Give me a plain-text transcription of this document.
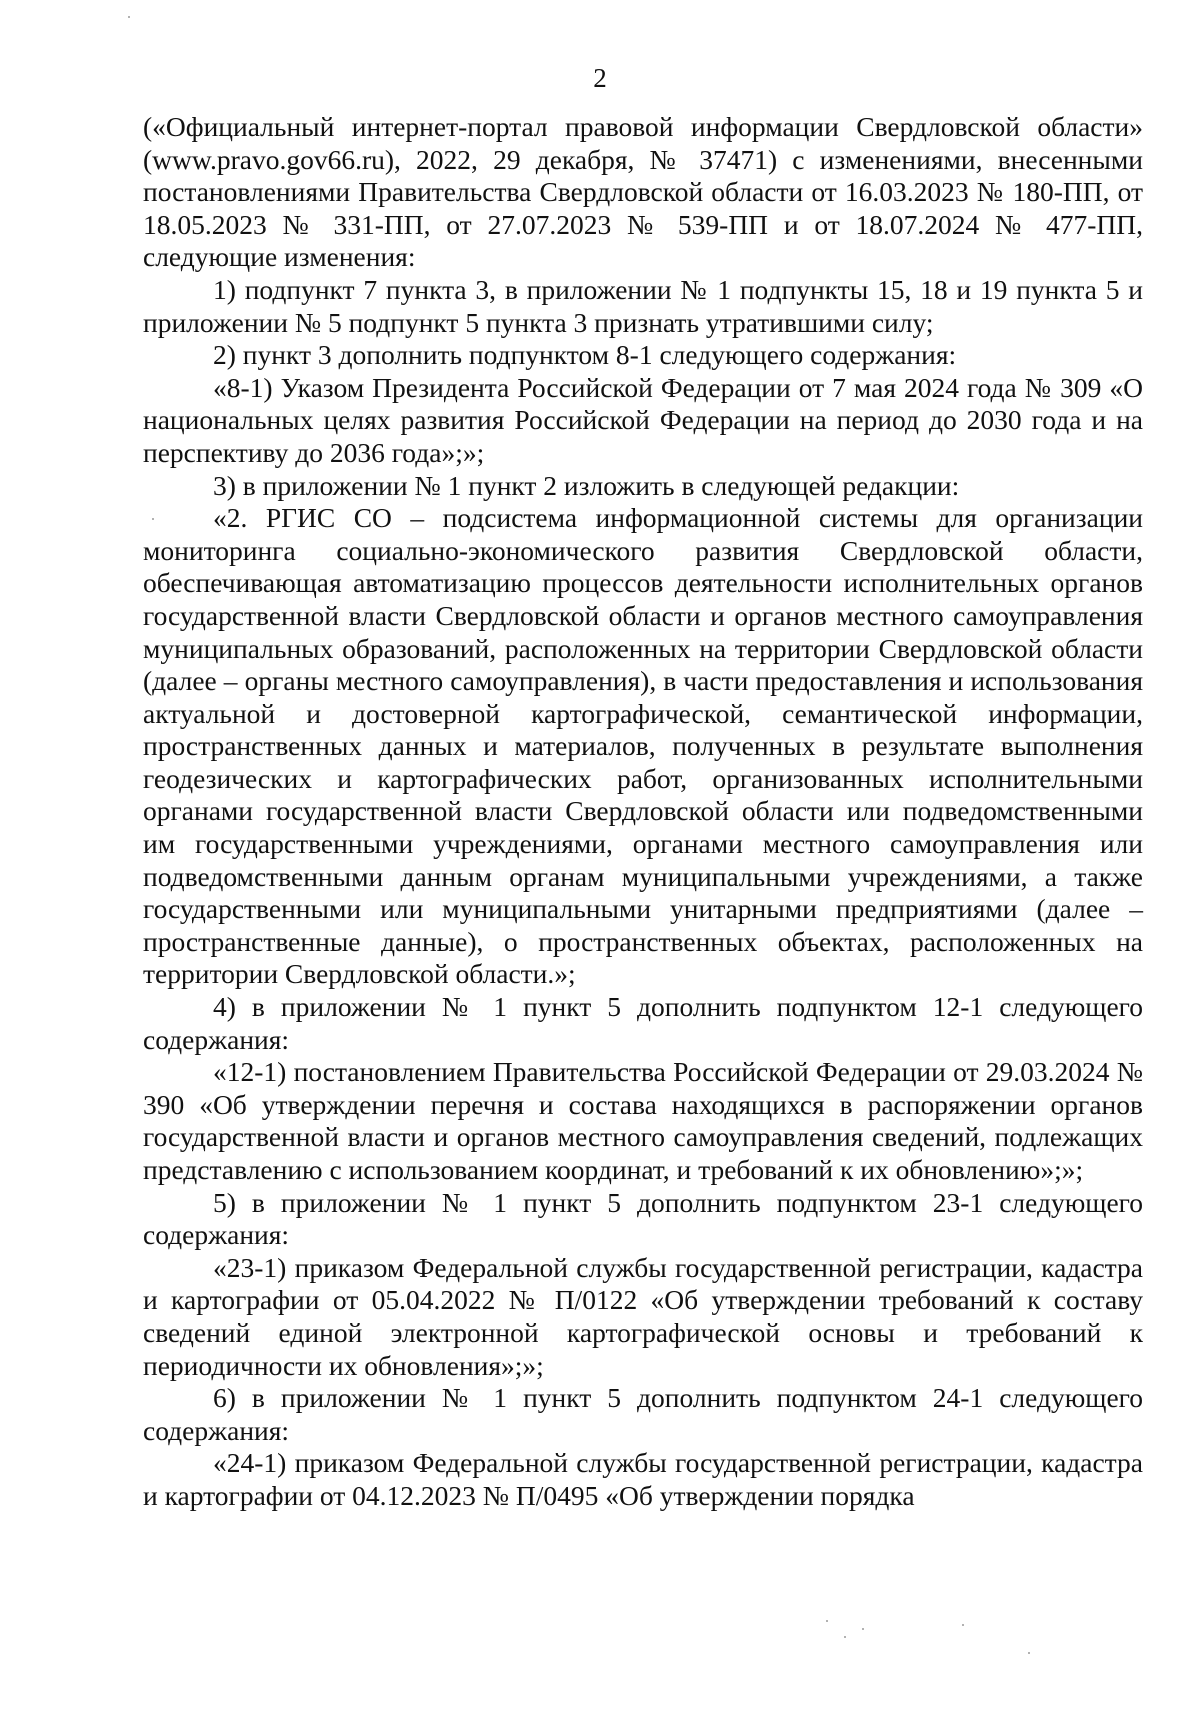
2

(«Официальный интернет-портал правовой информации Свердловской области» (www.pravo.gov66.ru), 2022, 29 декабря, № 37471) с изменениями, внесенными постановлениями Правительства Свердловской области от 16.03.2023 № 180-ПП, от 18.05.2023 № 331-ПП, от 27.07.2023 № 539-ПП и от 18.07.2024 № 477-ПП, следующие изменения:

1) подпункт 7 пункта 3, в приложении № 1 подпункты 15, 18 и 19 пункта 5 и приложении № 5 подпункт 5 пункта 3 признать утратившими силу;

2) пункт 3 дополнить подпунктом 8-1 следующего содержания:

«8-1) Указом Президента Российской Федерации от 7 мая 2024 года № 309 «О национальных целях развития Российской Федерации на период до 2030 года и на перспективу до 2036 года»;»;

3) в приложении № 1 пункт 2 изложить в следующей редакции:

«2. РГИС СО – подсистема информационной системы для организации мониторинга социально-экономического развития Свердловской области, обеспечивающая автоматизацию процессов деятельности исполнительных органов государственной власти Свердловской области и органов местного самоуправления муниципальных образований, расположенных на территории Свердловской области (далее – органы местного самоуправления), в части предоставления и использования актуальной и достоверной картографической, семантической информации, пространственных данных и материалов, полученных в результате выполнения геодезических и картографических работ, организованных исполнительными органами государственной власти Свердловской области или подведомственными им государственными учреждениями, органами местного самоуправления или подведомственными данным органам муниципальными учреждениями, а также государственными или муниципальными унитарными предприятиями (далее – пространственные данные), о пространственных объектах, расположенных на территории Свердловской области.»;

4) в приложении № 1 пункт 5 дополнить подпунктом 12-1 следующего содержания:

«12-1) постановлением Правительства Российской Федерации от 29.03.2024 № 390 «Об утверждении перечня и состава находящихся в распоряжении органов государственной власти и органов местного самоуправления сведений, подлежащих представлению с использованием координат, и требований к их обновлению»;»;

5) в приложении № 1 пункт 5 дополнить подпунктом 23-1 следующего содержания:

«23-1) приказом Федеральной службы государственной регистрации, кадастра и картографии от 05.04.2022 № П/0122 «Об утверждении требований к составу сведений единой электронной картографической основы и требований к периодичности их обновления»;»;

6) в приложении № 1 пункт 5 дополнить подпунктом 24-1 следующего содержания:

«24-1) приказом Федеральной службы государственной регистрации, кадастра и картографии от 04.12.2023 № П/0495 «Об утверждении порядка
